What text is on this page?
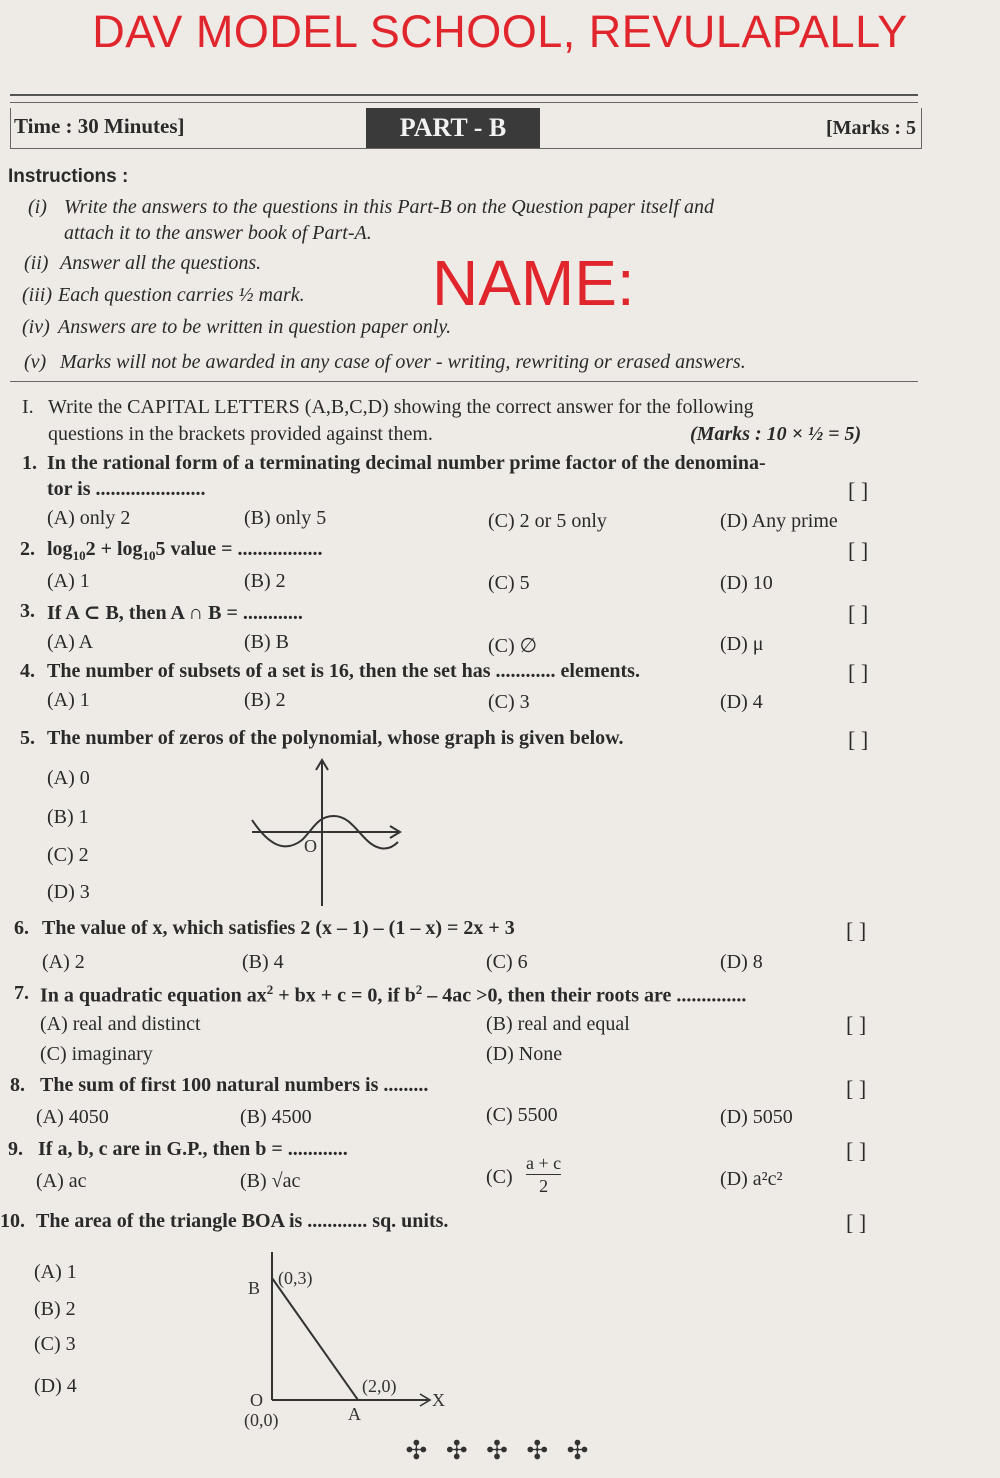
DAV MODEL SCHOOL, REVULAPALLY
Time : 30 Minutes]	PART - B	[Marks : 5
Instructions :
(i) Write the answers to the questions in this Part-B on the Question paper itself and
attach it to the answer book of Part-A.
(ii) Answer all the questions.
(iii) Each question carries ½ mark.
(iv) Answers are to be written in question paper only.
(v) Marks will not be awarded in any case of over - writing, rewriting or erased answers.
NAME:
I. Write the CAPITAL LETTERS (A,B,C,D) showing the correct answer for the following
questions in the brackets provided against them.	(Marks : 10 × ½ = 5)
1. In the rational form of a terminating decimal number prime factor of the denomina-
tor is ......................	[ ]
(A) only 2	(B) only 5	(C) 2 or 5 only	(D) Any prime
2. $\log_{10}2 + \log_{10}5$ value = .................	[ ]
(A) 1	(B) 2	(C) 5	(D) 10
3. If A ⊂ B, then A ∩ B = ............	[ ]
(A) A	(B) B	(C) ∅	(D) μ
4. The number of subsets of a set is 16, then the set has ............ elements.	[ ]
(A) 1	(B) 2	(C) 3	(D) 4
5. The number of zeros of the polynomial, whose graph is given below.	[ ]
(A) 0
(B) 1
(C) 2
(D) 3
O
6. The value of x, which satisfies 2 (x – 1) – (1 – x) = 2x + 3	[ ]
(A) 2	(B) 4	(C) 6	(D) 8
7. In a quadratic equation $ax^2$ + bx + c = 0, if $b^2 - 4ac >0$, then their roots are ..............
[ ]
(A) real and distinct	(B) real and equal
(C) imaginary	(D) None
8. The sum of first 100 natural numbers is .........	[ ]
(A) 4050	(B) 4500	(C) 5500	(D) 5050
9. If a, b, c are in G.P., then b = ............	[ ]
(A) ac	(B) √ac	$(C) \frac{a + c}{2}$	(D) a²c²
10. The area of the triangle BOA is ............ sq. units.	[ ]
(A) 1
(B) 2
(C) 3
(D) 4
B (0,3)
(2,0)
A
X
O
(0,0)
✣ ✣ ✣ ✣ ✣
